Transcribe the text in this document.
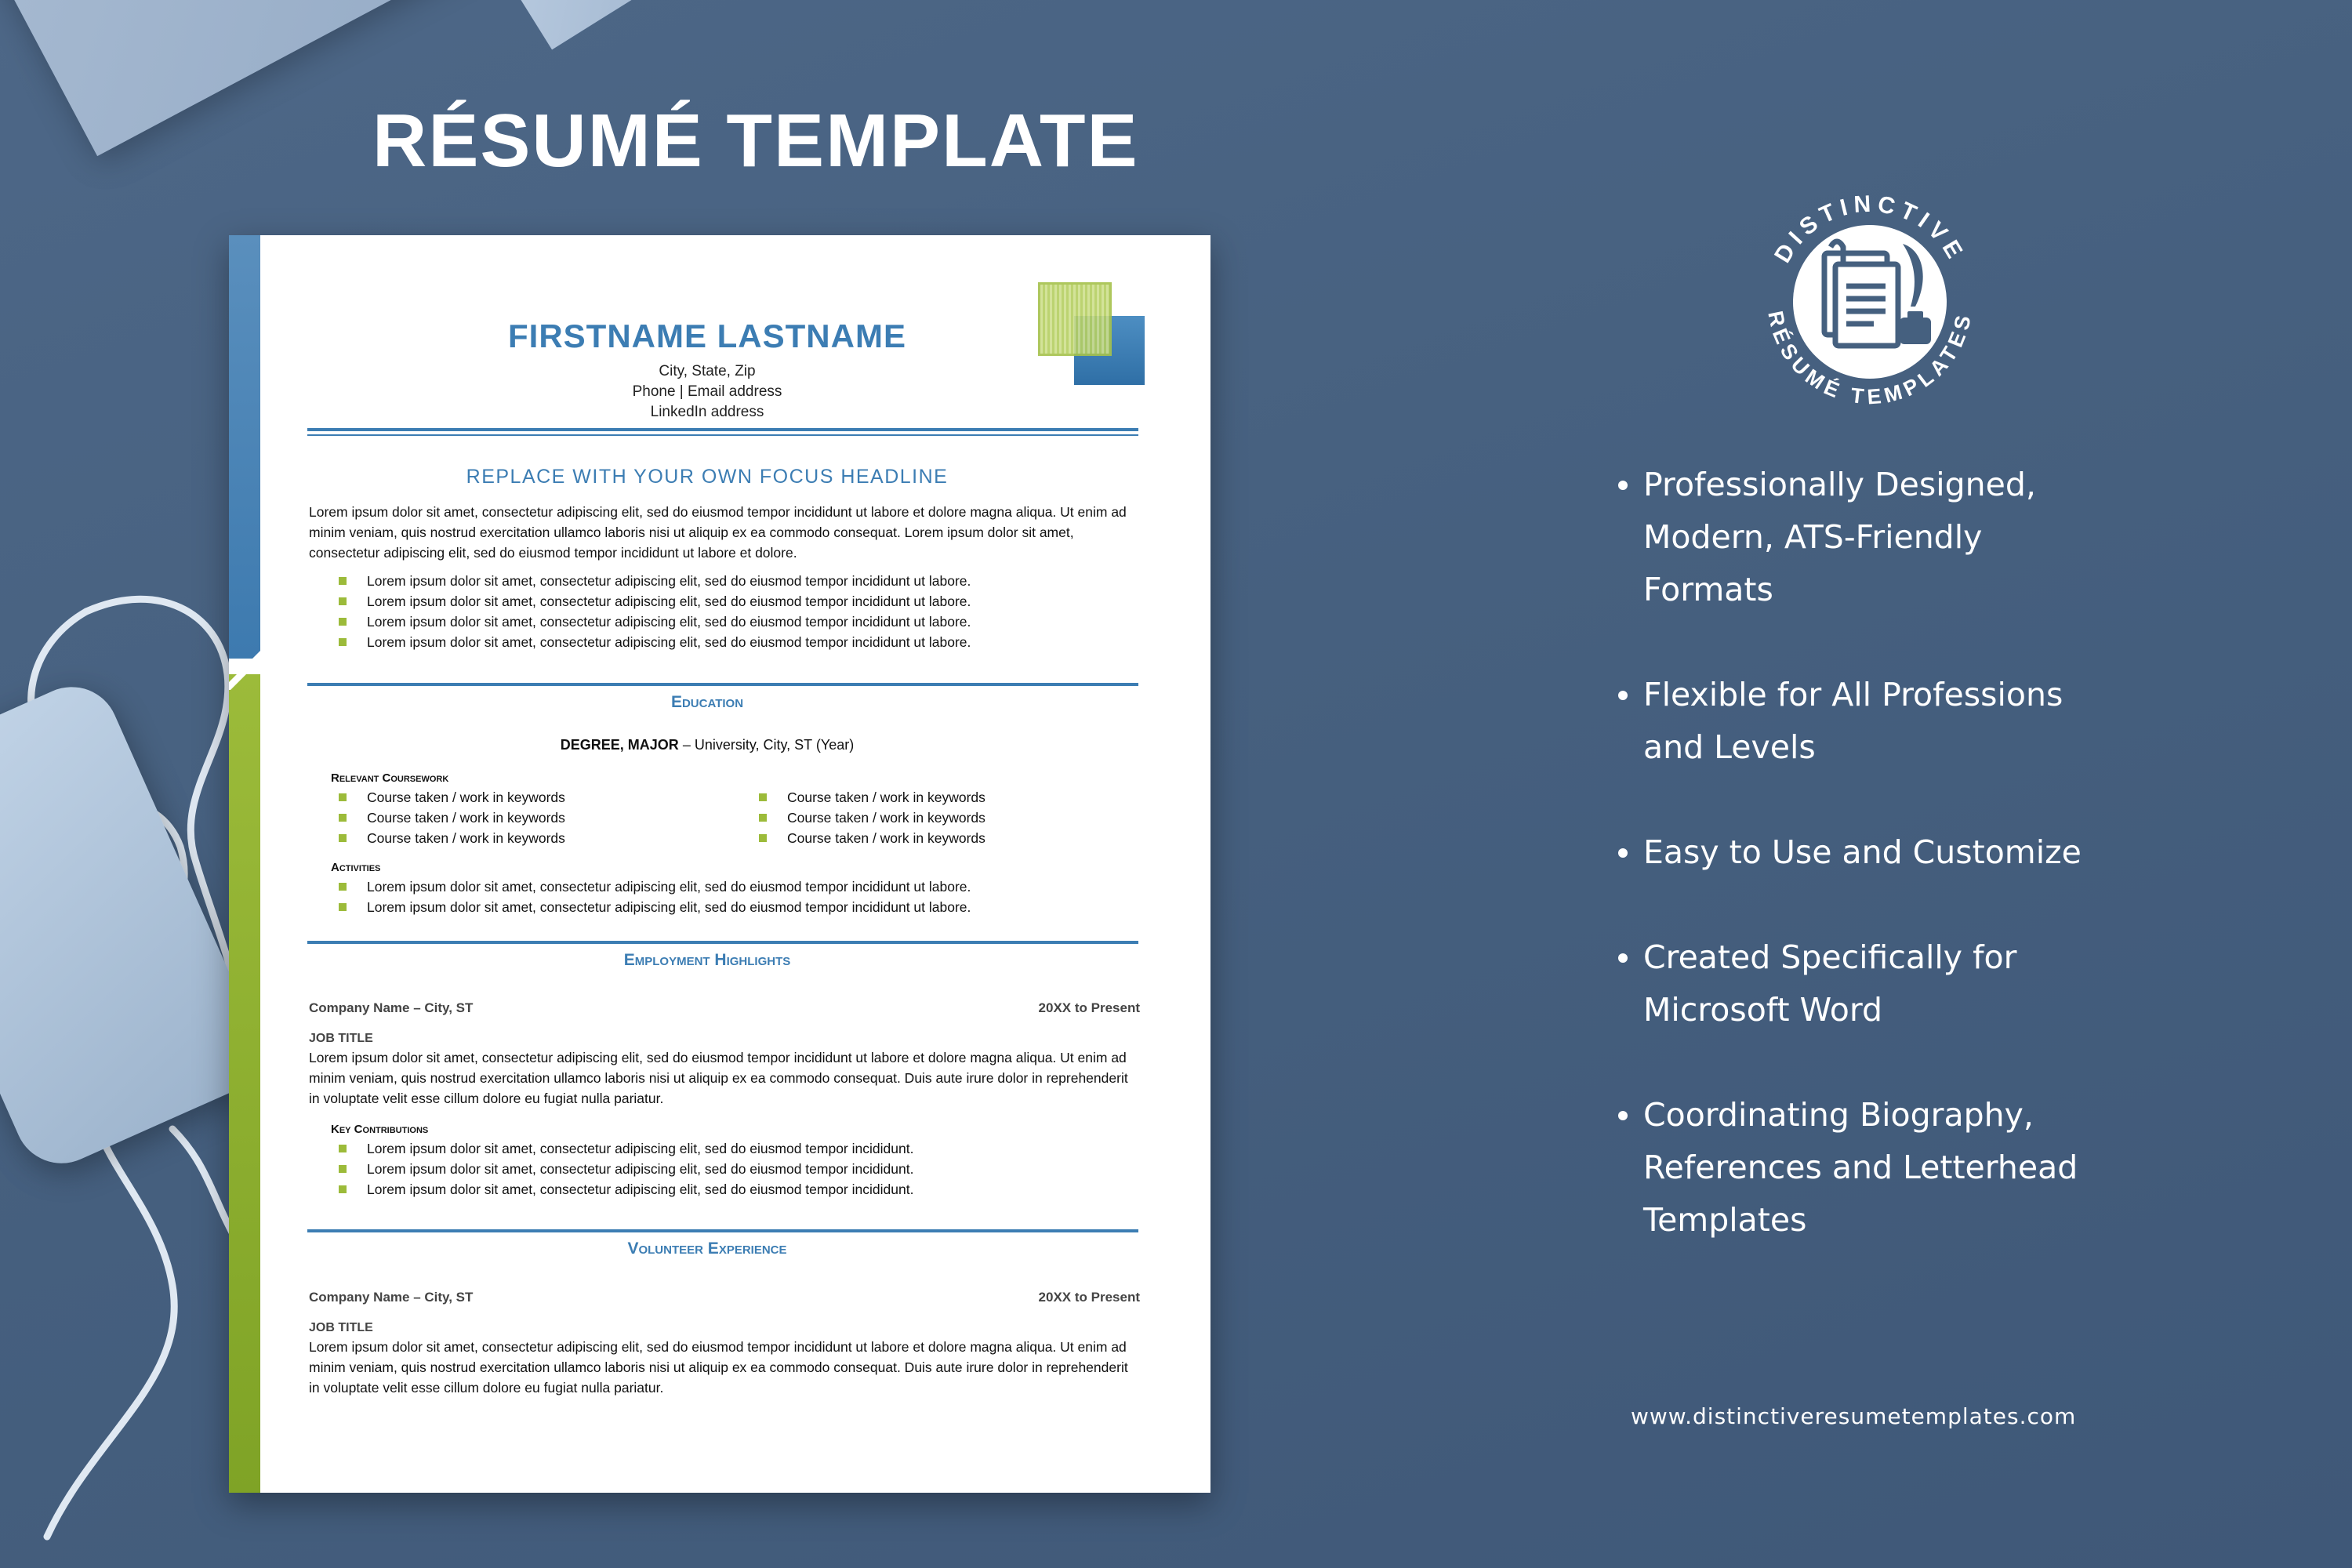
RÉSUMÉ TEMPLATE
FIRSTNAME LASTNAME
City, State, Zip
Phone | Email address
LinkedIn address
REPLACE WITH YOUR OWN FOCUS HEADLINE
Lorem ipsum dolor sit amet, consectetur adipiscing elit, sed do eiusmod tempor incididunt ut labore et dolore magna aliqua. Ut enim ad minim veniam, quis nostrud exercitation ullamco laboris nisi ut aliquip ex ea commodo consequat. Lorem ipsum dolor sit amet, consectetur adipiscing elit, sed do eiusmod tempor incididunt ut labore et dolore.
Lorem ipsum dolor sit amet, consectetur adipiscing elit, sed do eiusmod tempor incididunt ut labore.
Lorem ipsum dolor sit amet, consectetur adipiscing elit, sed do eiusmod tempor incididunt ut labore.
Lorem ipsum dolor sit amet, consectetur adipiscing elit, sed do eiusmod tempor incididunt ut labore.
Lorem ipsum dolor sit amet, consectetur adipiscing elit, sed do eiusmod tempor incididunt ut labore.
Education
DEGREE, MAJOR – University, City, ST (Year)
Relevant Coursework
Course taken / work in keywords
Course taken / work in keywords
Course taken / work in keywords
Course taken / work in keywords
Course taken / work in keywords
Course taken / work in keywords
Activities
Lorem ipsum dolor sit amet, consectetur adipiscing elit, sed do eiusmod tempor incididunt ut labore.
Lorem ipsum dolor sit amet, consectetur adipiscing elit, sed do eiusmod tempor incididunt ut labore.
Employment Highlights
Company Name – City, ST	20XX to Present
JOB TITLE
Lorem ipsum dolor sit amet, consectetur adipiscing elit, sed do eiusmod tempor incididunt ut labore et dolore magna aliqua. Ut enim ad minim veniam, quis nostrud exercitation ullamco laboris nisi ut aliquip ex ea commodo consequat. Duis aute irure dolor in reprehenderit in voluptate velit esse cillum dolore eu fugiat nulla pariatur.
Key Contributions
Lorem ipsum dolor sit amet, consectetur adipiscing elit, sed do eiusmod tempor incididunt.
Lorem ipsum dolor sit amet, consectetur adipiscing elit, sed do eiusmod tempor incididunt.
Lorem ipsum dolor sit amet, consectetur adipiscing elit, sed do eiusmod tempor incididunt.
Volunteer Experience
Company Name – City, ST	20XX to Present
JOB TITLE
Lorem ipsum dolor sit amet, consectetur adipiscing elit, sed do eiusmod tempor incididunt ut labore et dolore magna aliqua. Ut enim ad minim veniam, quis nostrud exercitation ullamco laboris nisi ut aliquip ex ea commodo consequat. Duis aute irure dolor in reprehenderit in voluptate velit esse cillum dolore eu fugiat nulla pariatur.
DISTINCTIVE
RÉSUMÉ TEMPLATES
Professionally Designed,
Modern, ATS-Friendly
Formats
Flexible for All Professions
and Levels
Easy to Use and Customize
Created Specifically for
Microsoft Word
Coordinating Biography,
References and Letterhead
Templates
www.distinctiveresumetemplates.com
